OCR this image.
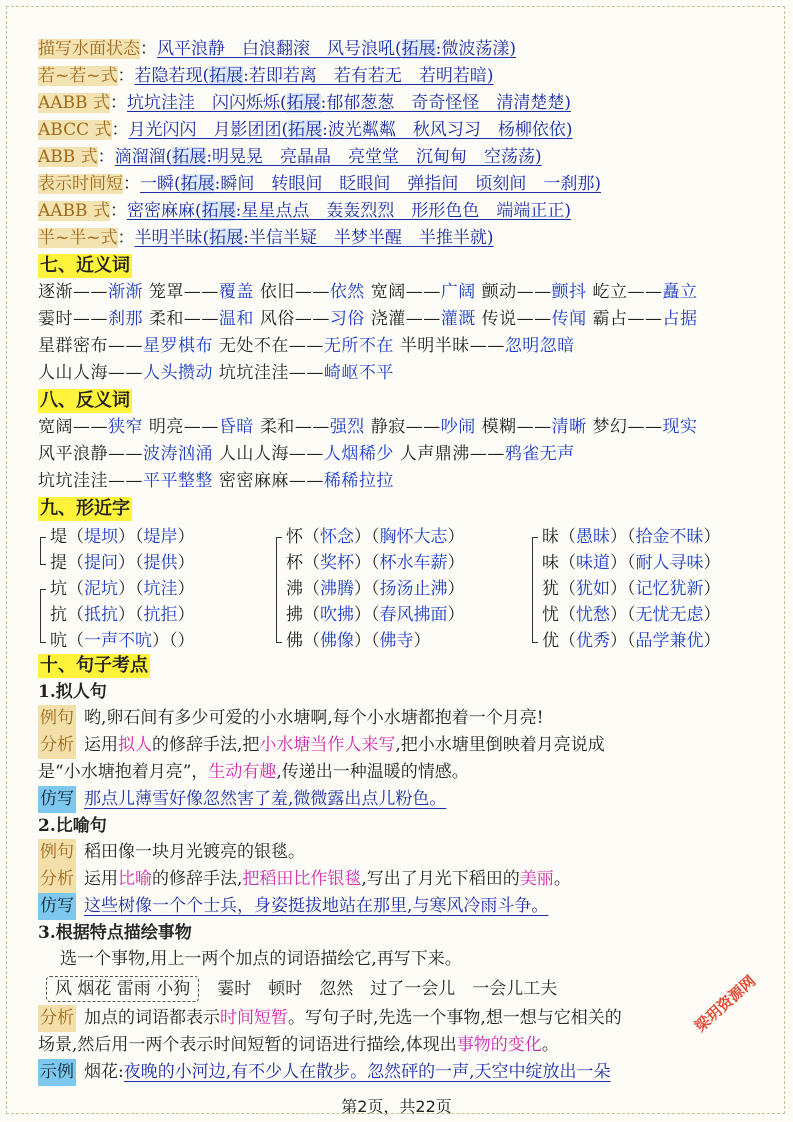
描写水面状态：风平浪静　白浪翻滚　风号浪吼(拓展:微波荡漾)
若~若~式：若隐若现(拓展:若即若离　若有若无　若明若暗)
AABB 式：坑坑洼洼　闪闪烁烁(拓展:郁郁葱葱　奇奇怪怪　清清楚楚)
ABCC 式：月光闪闪　月影团团(拓展:波光粼粼　秋风习习　杨柳依依)
ABB 式：滴溜溜(拓展:明晃晃　亮晶晶　亮堂堂　沉甸甸　空荡荡)
表示时间短：一瞬(拓展:瞬间　转眼间　眨眼间　弹指间　顷刻间　一刹那)
AABB 式：密密麻麻(拓展:星星点点　轰轰烈烈　形形色色　端端正正)
半~半~式：半明半昧(拓展:半信半疑　半梦半醒　半推半就)
七、近义词
逐渐——渐渐 笼罩——覆盖 依旧——依然 宽阔——广阔 颤动——颤抖 屹立——矗立
霎时——刹那 柔和——温和 风俗——习俗 浇灌——灌溉 传说——传闻 霸占——占据
星群密布——星罗棋布 无处不在——无所不在 半明半昧——忽明忽暗
人山人海——人头攒动 坑坑洼洼——崎岖不平
八、反义词
宽阔——狭窄 明亮——昏暗 柔和——强烈 静寂——吵闹 模糊——清晰 梦幻——现实
风平浪静——波涛汹涌 人山人海——人烟稀少 人声鼎沸——鸦雀无声
坑坑洼洼——平平整整 密密麻麻——稀稀拉拉
九、形近字
堤（堤坝）（堤岸）
提（提问）（提供）
坑（泥坑）（坑洼）
抗（抵抗）（抗拒）
吭（一声不吭）（）
怀（怀念）（胸怀大志）
杯（奖杯）（杯水车薪）
沸（沸腾）（扬汤止沸）
拂（吹拂）（春风拂面）
佛（佛像）（佛寺）
昧（愚昧）（拾金不昧）
味（味道）（耐人寻味）
犹（犹如）（记忆犹新）
忧（忧愁）（无忧无虑）
优（优秀）（品学兼优）
十、句子考点
1.拟人句
例句 哟,卵石间有多少可爱的小水塘啊,每个小水塘都抱着一个月亮!
分析 运用拟人的修辞手法,把小水塘当作人来写,把小水塘里倒映着月亮说成
是“小水塘抱着月亮”，生动有趣,传递出一种温暖的情感。
仿写 那点儿薄雪好像忽然害了羞,微微露出点儿粉色。
2.比喻句
例句 稻田像一块月光镀亮的银毯。
分析 运用比喻的修辞手法,把稻田比作银毯,写出了月光下稻田的美丽。
仿写 这些树像一个个士兵，身姿挺拔地站在那里,与寒风冷雨斗争。
3.根据特点描绘事物
选一个事物,用上一两个加点的词语描绘它,再写下来。
风 烟花 雷雨 小狗 霎时　顿时　忽然　过了一会儿　一会儿工夫
分析 加点的词语都表示时间短暂。写句子时,先选一个事物,想一想与它相关的
场景,然后用一两个表示时间短暂的词语进行描绘,体现出事物的变化。
示例 烟花:夜晚的小河边,有不少人在散步。忽然砰的一声,天空中绽放出一朵
梁玥资源网
第2页，共22页
